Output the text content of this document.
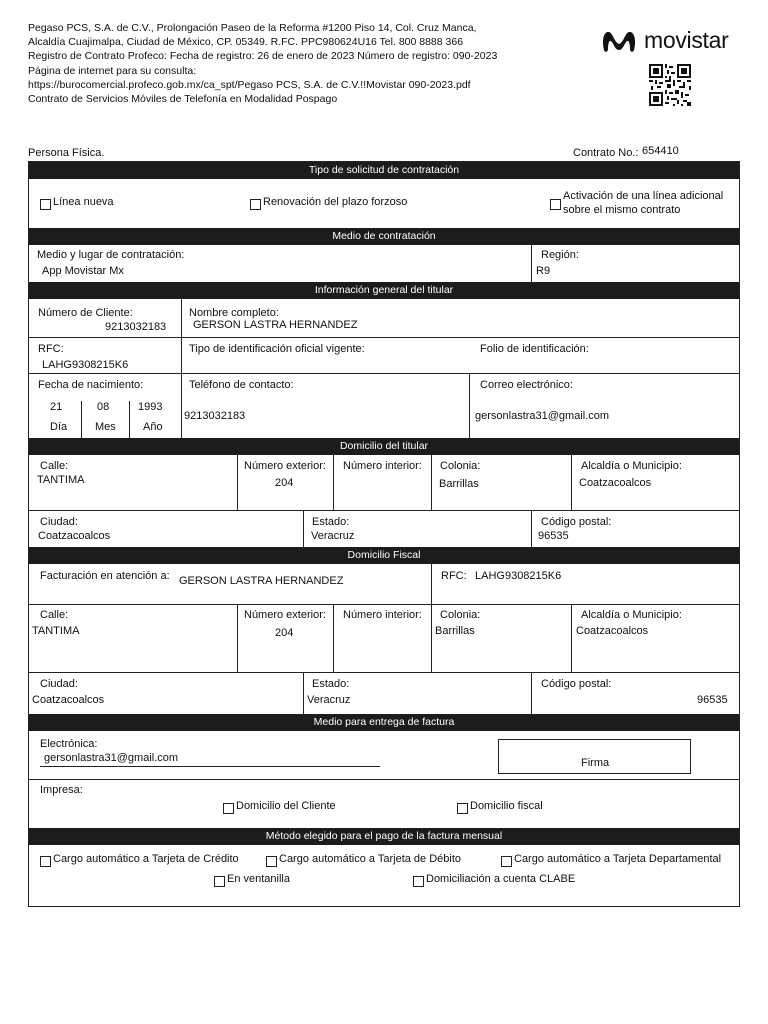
Pegaso PCS, S.A. de C.V., Prolongación Paseo de la Reforma #1200 Piso 14, Col. Cruz Manca,
Alcaldía Cuajimalpa, Ciudad de México, CP. 05349. R.FC. PPC980624U16 Tel. 800 8888 366
Registro de Contrato Profeco: Fecha de registro: 26 de enero de 2023 Número de registro: 090-2023
Página de internet para su consulta:
https://burocomercial.profeco.gob.mx/ca_spt/Pegaso PCS, S.A. de C.V.!!Movistar 090-2023.pdf
Contrato de Servicios Móviles de Telefonía en Modalidad Pospago
movistar
Persona Física.	Contrato No.: 654410
Tipo de solicitud de contratación
Línea nueva	Renovación del plazo forzoso	Activación de una línea adicional
sobre el mismo contrato
Medio de contratación
Medio y lugar de contratación:
App Movistar Mx
Región:
R9
Información general del titular
Número de Cliente:
9213032183
Nombre completo:
GERSON LASTRA HERNANDEZ
RFC:
LAHG9308215K6
Tipo de identificación oficial vigente:	Folio de identificación:
Fecha de nacimiento:
21	08	1993
Día	Mes Año
Teléfono de contacto:
9213032183
Correo electrónico:
gersonlastra31@gmail.com
Domicilio del titular
Calle:
TANTIMA
Número exterior:
204
Número interior: Colonia:
Barrillas
Alcaldía o Municipio:
Coatzacoalcos
Ciudad:
Coatzacoalcos
Estado:
Veracruz
Código postal:
96535
Domicilio Fiscal
Facturación en atención a: GERSON LASTRA HERNANDEZ	RFC: LAHG9308215K6
Calle:
TANTIMA
Número exterior:
204
Número interior: Colonia:
Barrillas
Alcaldía o Municipio:
Coatzacoalcos
Ciudad:
Coatzacoalcos
Estado:
Veracruz
Código postal:
96535
Medio para entrega de factura
Electrónica:
gersonlastra31@gmail.com	Firma
Impresa:
Domicilio del Cliente	Domicilio fiscal
Método elegido para el pago de la factura mensual
Cargo automático a Tarjeta de Crédito	Cargo automático a Tarjeta de Débito	Cargo automático a Tarjeta Departamental
En ventanilla	Domiciliación a cuenta CLABE
